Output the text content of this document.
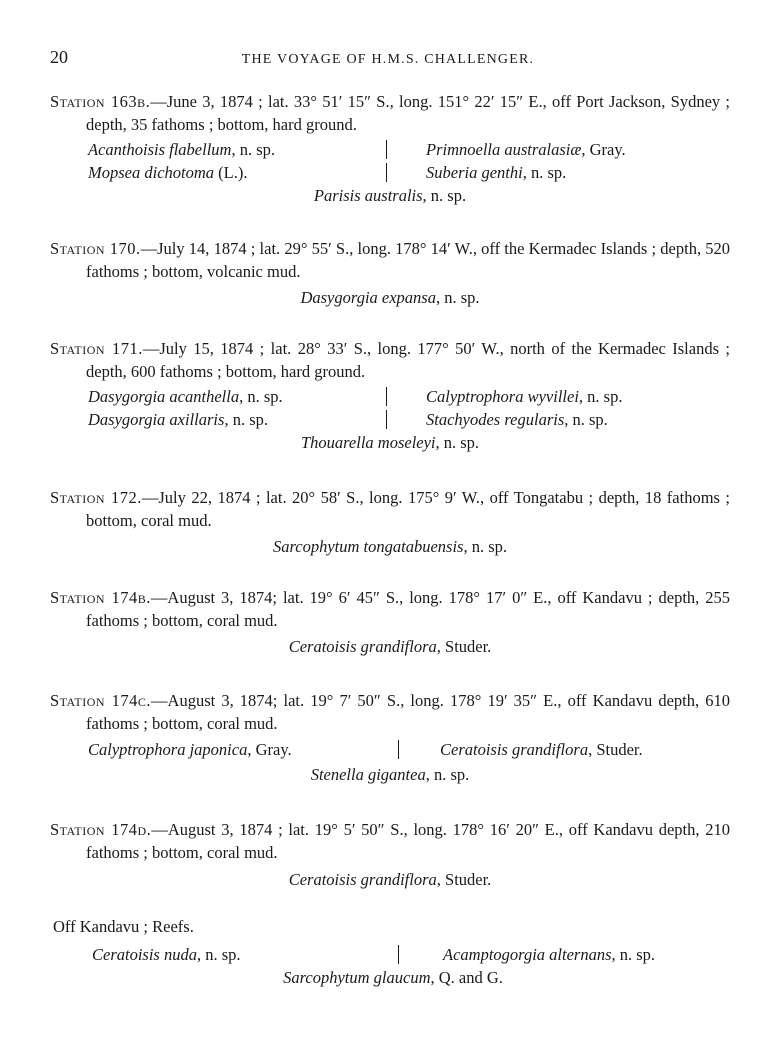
20	THE VOYAGE OF H.M.S. CHALLENGER.
Station 163b.—June 3, 1874 ; lat. 33° 51′ 15″ S., long. 151° 22′ 15″ E., off Port Jackson, Sydney ; depth, 35 fathoms ; bottom, hard ground.
Acanthoisis flabellum, n. sp.	Primnoella australasiæ, Gray.
Mopsea dichotoma (L.).	Suberia genthi, n. sp.
Parisis australis, n. sp.
Station 170.—July 14, 1874 ; lat. 29° 55′ S., long. 178° 14′ W., off the Kermadec Islands ; depth, 520 fathoms ; bottom, volcanic mud.
Dasygorgia expansa, n. sp.
Station 171.—July 15, 1874 ; lat. 28° 33′ S., long. 177° 50′ W., north of the Kermadec Islands ; depth, 600 fathoms ; bottom, hard ground.
Dasygorgia acanthella, n. sp.	Calyptrophora wyvillei, n. sp.
Dasygorgia axillaris, n. sp.	Stachyodes regularis, n. sp.
Thouarella moseleyi, n. sp.
Station 172.—July 22, 1874 ; lat. 20° 58′ S., long. 175° 9′ W., off Tongatabu ; depth, 18 fathoms ; bottom, coral mud.
Sarcophytum tongatabuensis, n. sp.
Station 174b.—August 3, 1874; lat. 19° 6′ 45″ S., long. 178° 17′ 0″ E., off Kandavu ; depth, 255 fathoms ; bottom, coral mud.
Ceratoisis grandiflora, Studer.
Station 174c.—August 3, 1874; lat. 19° 7′ 50″ S., long. 178° 19′ 35″ E., off Kandavu depth, 610 fathoms ; bottom, coral mud.
Calyptrophora japonica, Gray.	Ceratoisis grandiflora, Studer.
Stenella gigantea, n. sp.
Station 174d.—August 3, 1874 ; lat. 19° 5′ 50″ S., long. 178° 16′ 20″ E., off Kandavu depth, 210 fathoms ; bottom, coral mud.
Ceratoisis grandiflora, Studer.
Off Kandavu ; Reefs.
Ceratoisis nuda, n. sp.	Acamptogorgia alternans, n. sp.
Sarcophytum glaucum, Q. and G.
